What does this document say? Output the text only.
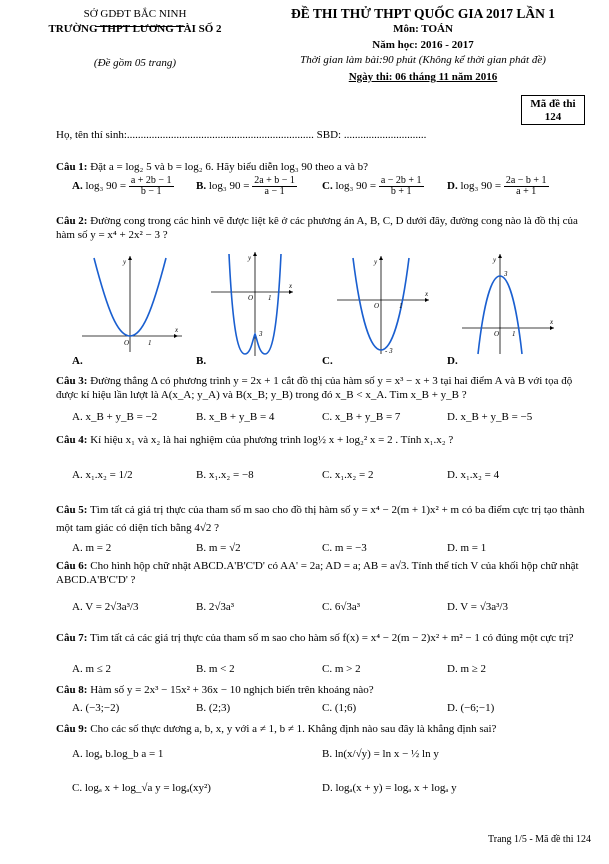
SỞ GDĐT BẮC NINH
TRƯỜNG THPT LƯƠNG TÀI SỐ 2
(Đề gồm 05 trang)
ĐỀ THI THỬ THPT QUỐC GIA 2017 LẦN 1
Môn: TOÁN
Năm học: 2016 - 2017
Thời gian làm bài:90 phút (Không kể thời gian phát đề)
Ngày thi: 06 tháng 11 năm 2016
Mã đề thi
124
Họ, tên thí sinh:.................................................................... SBD: ..............................
Câu 1: Đặt a = log₂ 5 và b = log₂ 6. Hãy biểu diễn log₃ 90 theo a và b?
A. log₃ $90 = \frac{a + 2b - 1}{b - 1} B$. log₃ $90 = \frac{2a + b - 1}{a - 1} C$. log₃ $90 = \frac{a - 2b + 1}{b + 1} D$. log₃ $90 = \frac{2a - b + 1}{a + 1}$
Câu 2: Đường cong trong các hình vẽ được liệt kê ở các phương án A, B, C, D dưới đây, đường cong nào là đồ thị của hàm số y = x⁴ + 2x² − 3 ?
y
x
O	1
A.
y
x
O 1
3
B.
y
x
O	1
- 3
C.
y
x
O 1
3
D.
Câu 3: Đường thẳng Δ có phương trình y = 2x + 1 cắt đồ thị của hàm số y = x³ − x + 3 tại hai điểm A và B với tọa độ được kí hiệu lần lượt là A(x_A; y_A) và B(x_B; y_B) trong đó x_B < x_A. Tìm x_B + y_B ?
A. x_B + y_B = −2	B. x_B + y_B = 4	C. x_B + y_B = 7	D. x_B + y_B = −5
Câu 4: Kí hiệu x₁ và x₂ là hai nghiệm của phương trình log½ x + log₂² x = 2 . Tính x₁.x₂ ?
A. x₁.x₂ = 1/2	B. x₁.x₂ = −8	C. x₁.x₂ = 2	D. x₁.x₂ = 4
Câu 5: Tìm tất cả giá trị thực của tham số m sao cho đồ thị hàm số y = x⁴ − 2(m + 1)x² + m có ba điểm cực trị tạo thành một tam giác có diện tích bằng 4√2 ?
A. m = 2	B. m = √2	C. m = −3	D. m = 1
Câu 6: Cho hình hộp chữ nhật ABCD.A'B'C'D' có AA' = 2a; AD = a; AB = a√3. Tính thể tích V của khối hộp chữ nhật ABCD.A'B'C'D' ?
A. V = 2√3a³/3	B. 2√3a³	C. 6√3a³	D. V = √3a³/3
Câu 7: Tìm tất cả các giá trị thực của tham số m sao cho hàm số f(x) = x⁴ − 2(m − 2)x² + m² − 1 có đúng một cực trị?
A. m ≤ 2	B. m < 2	C. m > 2	D. m ≥ 2
Câu 8: Hàm số y = 2x³ − 15x² + 36x − 10 nghịch biến trên khoảng nào?
A. (−3;−2)	B. (2;3)	C. (1;6)	D. (−6;−1)
Câu 9: Cho các số thực dương a, b, x, y với a ≠ 1, b ≠ 1. Khẳng định nào sau đây là khẳng định sai?
A. logₐ b.log_b a = 1	B. ln(x/√y) = ln x − ½ ln y
C. logₐ x + log_√a y = logₐ(xy²)	D. logₐ(x + y) = logₐ x + logₐ y
Trang 1/5 - Mã đề thi 124
